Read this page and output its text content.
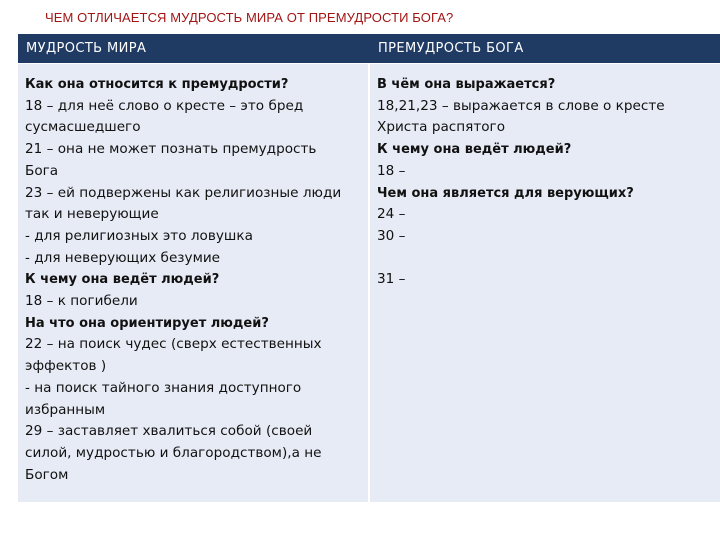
ЧЕМ ОТЛИЧАЕТСЯ МУДРОСТЬ МИРА ОТ ПРЕМУДРОСТИ БОГА?
МУДРОСТЬ МИРА	ПРЕМУДРОСТЬ БОГА
Как она относится к премудрости?
18 – для неё слово о кресте – это бред
сусмасшедшего
21 – она не может познать премудрость
Бога
23 – ей подвержены как религиозные люди
так и неверующие
- для религиозных это ловушка
- для неверующих безумие
К чему она ведёт людей?
18 – к погибели
На что она ориентирует людей?
22 – на поиск чудес (сверх естественных
эффектов )
- на поиск тайного знания доступного
избранным
29 – заставляет хвалиться собой (своей
силой, мудростью и благородством),а не
Богом
В чём она выражается?
18,21,23 – выражается в слове о кресте
Христа распятого
К чему она ведёт людей?
18 –
Чем она является для верующих?
24 –
30 –
31 –
